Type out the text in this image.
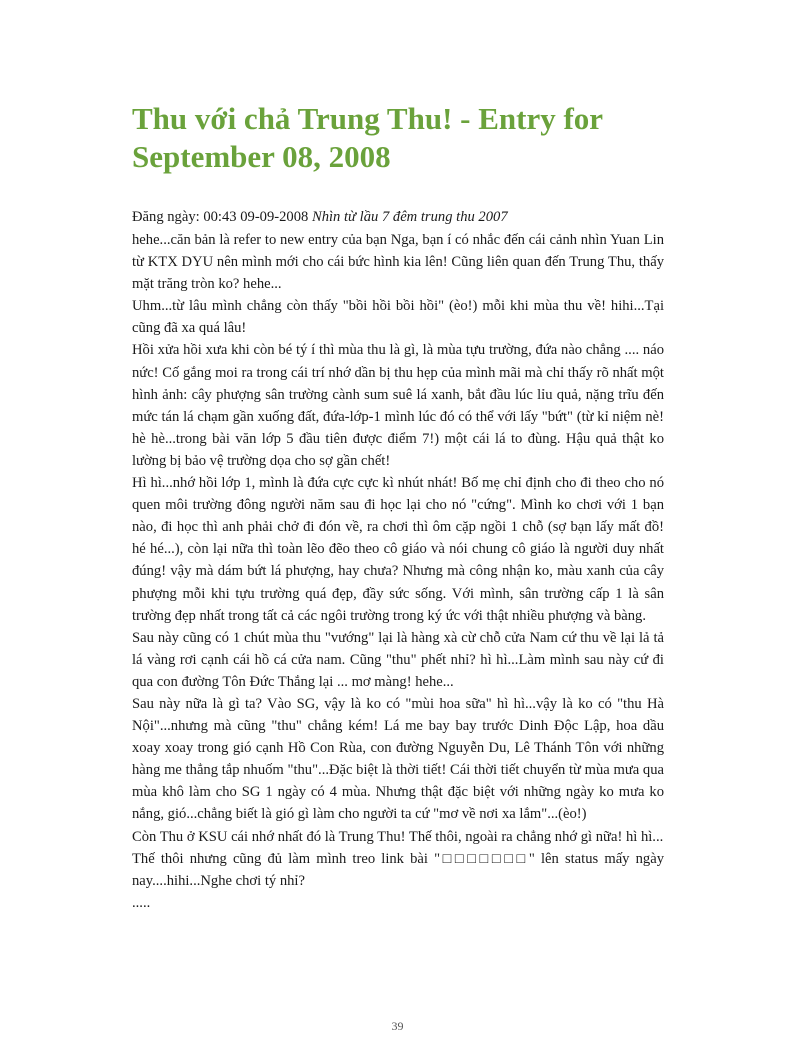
Thu với chả Trung Thu! - Entry for September 08, 2008
Đăng ngày: 00:43 09-09-2008 Nhìn từ lầu 7 đêm trung thu 2007

hehe...căn bản là refer to new entry của bạn Nga, bạn í có nhắc đến cái cảnh nhìn Yuan Lin từ KTX DYU nên mình mới cho cái bức hình kia lên! Cũng liên quan đến Trung Thu, thấy mặt trăng tròn ko? hehe...

Uhm...từ lâu mình chẳng còn thấy "bồi hồi bồi hồi" (èo!) mỗi khi mùa thu về! hihi...Tại cũng đã xa quá lâu!

Hồi xửa hồi xưa khi còn bé tý í thì mùa thu là gì, là mùa tựu trường, đứa nào chẳng .... náo nức! Cố gắng moi ra trong cái trí nhớ dần bị thu hẹp của mình mãi mà chỉ thấy rõ nhất một hình ảnh: cây phượng sân trường cành sum suê lá xanh, bắt đầu lúc lỉu quả, nặng trĩu đến mức tán lá chạm gần xuống đất, đứa-lớp-1 mình lúc đó có thể với lấy "bứt" (từ kỉ niệm nè! hè hè...trong bài văn lớp 5 đầu tiên được điểm 7!) một cái lá to đùng. Hậu quả thật ko lường bị bảo vệ trường dọa cho sợ gần chết!

Hì hì...nhớ hồi lớp 1, mình là đứa cực cực kì nhút nhát! Bố mẹ chỉ định cho đi theo cho nó quen môi trường đông người năm sau đi học lại cho nó "cứng". Mình ko chơi với 1 bạn nào, đi học thì anh phải chở đi đón về, ra chơi thì ôm cặp ngồi 1 chỗ (sợ bạn lấy mất đồ! hé hé...), còn lại nữa thì toàn lẽo đẽo theo cô giáo và nói chung cô giáo là người duy nhất đúng! vậy mà dám bứt lá phượng, hay chưa? Nhưng mà công nhận ko, màu xanh của cây phượng mỗi khi tựu trường quá đẹp, đầy sức sống. Với mình, sân trường cấp 1 là sân trường đẹp nhất trong tất cả các ngôi trường trong ký ức với thật nhiều phượng và bàng.

Sau này cũng có 1 chút mùa thu "vướng" lại là hàng xà cừ chỗ cửa Nam cứ thu về lại lả tả lá vàng rơi cạnh cái hồ cá cửa nam. Cũng "thu" phết nhỉ? hì hì...Làm mình sau này cứ đi qua con đường Tôn Đức Thắng lại ... mơ màng! hehe...

Sau này nữa là gì ta? Vào SG, vậy là ko có "mùi hoa sữa" hì hì...vậy là ko có "thu Hà Nội"...nhưng mà cũng "thu" chẳng kém! Lá me bay bay trước Dinh Độc Lập, hoa dầu xoay xoay trong gió cạnh Hồ Con Rùa, con đường Nguyễn Du, Lê Thánh Tôn với những hàng me thẳng tắp nhuốm "thu"...Đặc biệt là thời tiết! Cái thời tiết chuyển từ mùa mưa qua mùa khô làm cho SG 1 ngày có 4 mùa. Nhưng thật đặc biệt với những ngày ko mưa ko nắng, gió...chẳng biết là gió gì làm cho người ta cứ "mơ về nơi xa lắm"...(èo!)

Còn Thu ở KSU cái nhớ nhất đó là Trung Thu! Thế thôi, ngoài ra chẳng nhớ gì nữa! hì hì...

Thế thôi nhưng cũng đủ làm mình treo link bài "□□□□□□□" lên status mấy ngày nay....hihi...Nghe chơi tý nhỉ?

.....

39
